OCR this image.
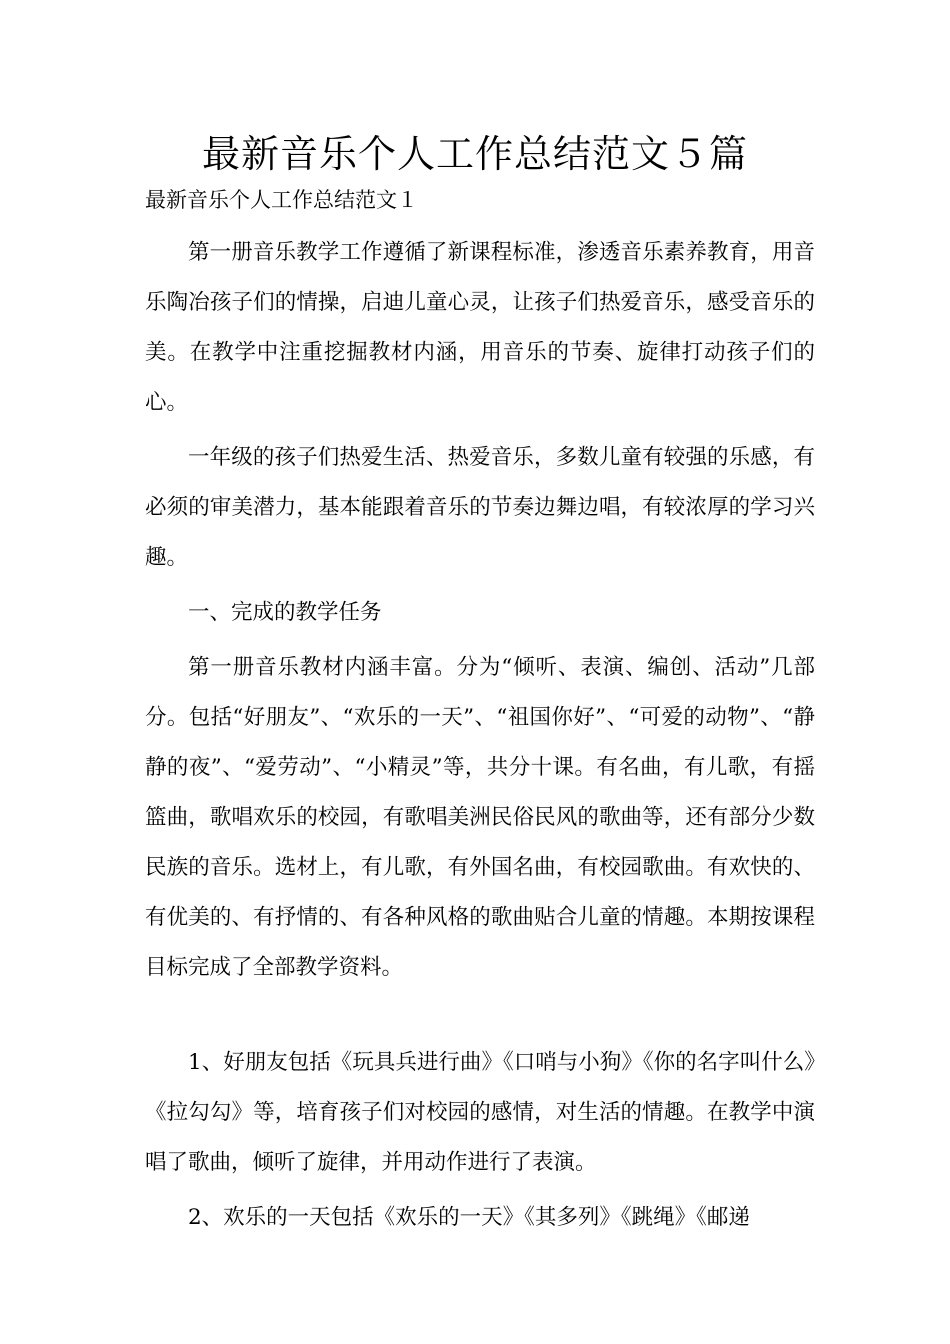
最新音乐个人工作总结范文５篇
最新音乐个人工作总结范文１

第一册音乐教学工作遵循了新课程标准，渗透音乐素养教育，用音乐陶冶孩子们的情操，启迪儿童心灵，让孩子们热爱音乐，感受音乐的美。在教学中注重挖掘教材内涵，用音乐的节奏、旋律打动孩子们的心。

一年级的孩子们热爱生活、热爱音乐，多数儿童有较强的乐感，有必须的审美潜力，基本能跟着音乐的节奏边舞边唱，有较浓厚的学习兴趣。

一、完成的教学任务

第一册音乐教材内涵丰富。分为“倾听、表演、编创、活动”几部分。包括“好朋友”、“欢乐的一天”、“祖国你好”、“可爱的动物”、“静静的夜”、“爱劳动”、“小精灵”等，共分十课。有名曲，有儿歌，有摇篮曲，歌唱欢乐的校园，有歌唱美洲民俗民风的歌曲等，还有部分少数民族的音乐。选材上，有儿歌，有外国名曲，有校园歌曲。有欢快的、有优美的、有抒情的、有各种风格的歌曲贴合儿童的情趣。本期按课程目标完成了全部教学资料。

1、好朋友包括《玩具兵进行曲》《口哨与小狗》《你的名字叫什么》《拉勾勾》等，培育孩子们对校园的感情，对生活的情趣。在教学中演唱了歌曲，倾听了旋律，并用动作进行了表演。

2、欢乐的一天包括《欢乐的一天》《其多列》《跳绳》《邮递
